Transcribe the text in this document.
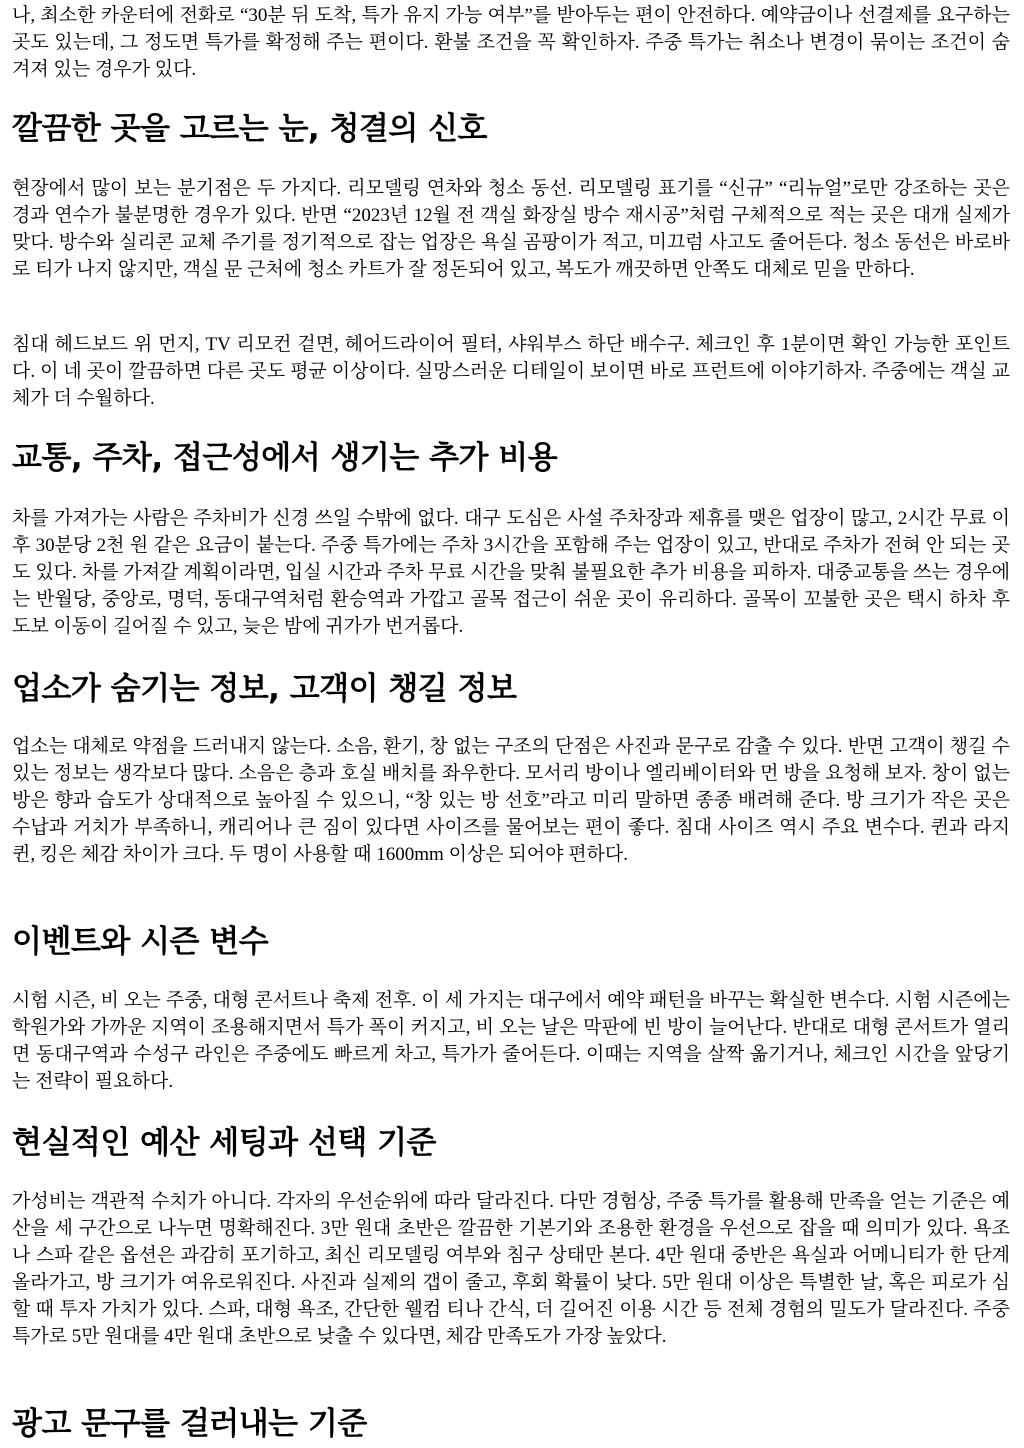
나, 최소한 카운터에 전화로 “30분 뒤 도착, 특가 유지 가능 여부”를 받아두는 편이 안전하다. 예약금이나 선결제를 요구하는 곳도 있는데, 그 정도면 특가를 확정해 주는 편이다. 환불 조건을 꼭 확인하자. 주중 특가는 취소나 변경이 묶이는 조건이 숨겨져 있는 경우가 있다.

깔끔한 곳을 고르는 눈, 청결의 신호

현장에서 많이 보는 분기점은 두 가지다. 리모델링 연차와 청소 동선. 리모델링 표기를 “신규” “리뉴얼”로만 강조하는 곳은 경과 연수가 불분명한 경우가 있다. 반면 “2023년 12월 전 객실 화장실 방수 재시공”처럼 구체적으로 적는 곳은 대개 실제가 맞다. 방수와 실리콘 교체 주기를 정기적으로 잡는 업장은 욕실 곰팡이가 적고, 미끄럼 사고도 줄어든다. 청소 동선은 바로바로 티가 나지 않지만, 객실 문 근처에 청소 카트가 잘 정돈되어 있고, 복도가 깨끗하면 안쪽도 대체로 믿을 만하다.

침대 헤드보드 위 먼지, TV 리모컨 겉면, 헤어드라이어 필터, 샤워부스 하단 배수구. 체크인 후 1분이면 확인 가능한 포인트다. 이 네 곳이 깔끔하면 다른 곳도 평균 이상이다. 실망스러운 디테일이 보이면 바로 프런트에 이야기하자. 주중에는 객실 교체가 더 수월하다.

교통, 주차, 접근성에서 생기는 추가 비용

차를 가져가는 사람은 주차비가 신경 쓰일 수밖에 없다. 대구 도심은 사설 주차장과 제휴를 맺은 업장이 많고, 2시간 무료 이후 30분당 2천 원 같은 요금이 붙는다. 주중 특가에는 주차 3시간을 포함해 주는 업장이 있고, 반대로 주차가 전혀 안 되는 곳도 있다. 차를 가져갈 계획이라면, 입실 시간과 주차 무료 시간을 맞춰 불필요한 추가 비용을 피하자. 대중교통을 쓰는 경우에는 반월당, 중앙로, 명덕, 동대구역처럼 환승역과 가깝고 골목 접근이 쉬운 곳이 유리하다. 골목이 꼬불한 곳은 택시 하차 후 도보 이동이 길어질 수 있고, 늦은 밤에 귀가가 번거롭다.

업소가 숨기는 정보, 고객이 챙길 정보

업소는 대체로 약점을 드러내지 않는다. 소음, 환기, 창 없는 구조의 단점은 사진과 문구로 감출 수 있다. 반면 고객이 챙길 수 있는 정보는 생각보다 많다. 소음은 층과 호실 배치를 좌우한다. 모서리 방이나 엘리베이터와 먼 방을 요청해 보자. 창이 없는 방은 향과 습도가 상대적으로 높아질 수 있으니, “창 있는 방 선호”라고 미리 말하면 종종 배려해 준다. 방 크기가 작은 곳은 수납과 거치가 부족하니, 캐리어나 큰 짐이 있다면 사이즈를 물어보는 편이 좋다. 침대 사이즈 역시 주요 변수다. 퀸과 라지퀸, 킹은 체감 차이가 크다. 두 명이 사용할 때 1600mm 이상은 되어야 편하다.

이벤트와 시즌 변수

시험 시즌, 비 오는 주중, 대형 콘서트나 축제 전후. 이 세 가지는 대구에서 예약 패턴을 바꾸는 확실한 변수다. 시험 시즌에는 학원가와 가까운 지역이 조용해지면서 특가 폭이 커지고, 비 오는 날은 막판에 빈 방이 늘어난다. 반대로 대형 콘서트가 열리면 동대구역과 수성구 라인은 주중에도 빠르게 차고, 특가가 줄어든다. 이때는 지역을 살짝 옮기거나, 체크인 시간을 앞당기는 전략이 필요하다.

현실적인 예산 세팅과 선택 기준

가성비는 객관적 수치가 아니다. 각자의 우선순위에 따라 달라진다. 다만 경험상, 주중 특가를 활용해 만족을 얻는 기준은 예산을 세 구간으로 나누면 명확해진다. 3만 원대 초반은 깔끔한 기본기와 조용한 환경을 우선으로 잡을 때 의미가 있다. 욕조나 스파 같은 옵션은 과감히 포기하고, 최신 리모델링 여부와 침구 상태만 본다. 4만 원대 중반은 욕실과 어메니티가 한 단계 올라가고, 방 크기가 여유로워진다. 사진과 실제의 갭이 줄고, 후회 확률이 낮다. 5만 원대 이상은 특별한 날, 혹은 피로가 심할 때 투자 가치가 있다. 스파, 대형 욕조, 간단한 웰컴 티나 간식, 더 길어진 이용 시간 등 전체 경험의 밀도가 달라진다. 주중 특가로 5만 원대를 4만 원대 초반으로 낮출 수 있다면, 체감 만족도가 가장 높았다.

광고 문구를 걸러내는 기준
